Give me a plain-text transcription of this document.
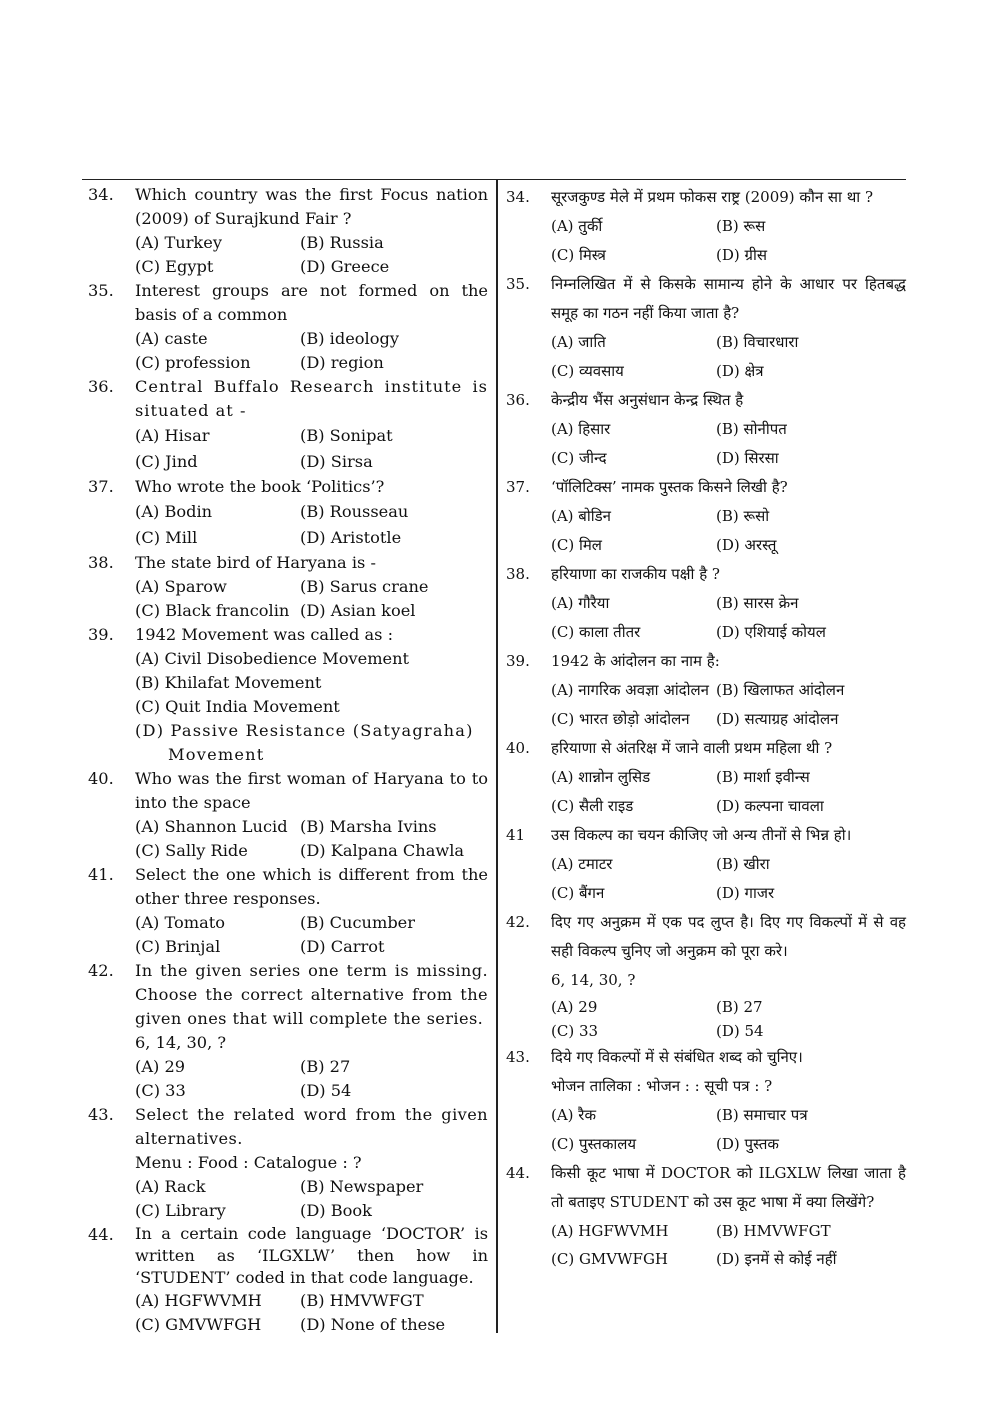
34. Which country was the first Focus nation (2009) of Surajkund Fair ?
(A) Turkey	(B) Russia
(C) Egypt	(D) Greece
35. Interest groups are not formed on the basis of a common
(A) caste	(B) ideology
(C) profession	(D) region
36. Central Buffalo Research institute is situated at -
(A) Hisar	(B) Sonipat
(C) Jind	(D) Sirsa
37. Who wrote the book ‘Politics’?
(A) Bodin	(B) Rousseau
(C) Mill	(D) Aristotle
38. The state bird of Haryana is -
(A) Sparow	(B) Sarus crane
(C) Black francolin (D) Asian koel
39. 1942 Movement was called as :
(A) Civil Disobedience Movement
(B) Khilafat Movement
(C) Quit India Movement
(D) Passive Resistance (Satyagraha) Movement
40. Who was the first woman of Haryana to to into the space
(A) Shannon Lucid (B) Marsha Ivins
(C) Sally Ride	(D) Kalpana Chawla
41. Select the one which is different from the other three responses.
(A) Tomato	(B) Cucumber
(C) Brinjal	(D) Carrot
42. In the given series one term is missing. Choose the correct alternative from the given ones that will complete the series.
6, 14, 30, ?
(A) 29	(B) 27
(C) 33	(D) 54
43. Select the related word from the given alternatives.
Menu : Food : Catalogue : ?
(A) Rack	(B) Newspaper
(C) Library	(D) Book
44. In a certain code language ‘DOCTOR’ is written as ‘ILGXLW’ then how in ‘STUDENT’ coded in that code language.
(A) HGFWVMH	(B) HMVWFGT
(C) GMVWFGH	(D) None of these
34. सूरजकुण्ड मेले में प्रथम फोकस राष्ट्र (2009) कौन सा था ?
(A) तुर्की	(B) रूस
(C) मिस्त्र	(D) ग्रीस
35. निम्नलिखित में से किसके सामान्य होने के आधार पर हितबद्ध समूह का गठन नहीं किया जाता है?
(A) जाति	(B) विचारधारा
(C) व्यवसाय	(D) क्षेत्र
36. केन्द्रीय भैंस अनुसंधान केन्द्र स्थित है
(A) हिसार	(B) सोनीपत
(C) जीन्द	(D) सिरसा
37. ‘पॉलिटिक्स’ नामक पुस्तक किसने लिखी है?
(A) बोडिन	(B) रूसो
(C) मिल	(D) अरस्तू
38. हरियाणा का राजकीय पक्षी है ?
(A) गौरैया	(B) सारस क्रेन
(C) काला तीतर	(D) एशियाई कोयल
39. 1942 के आंदोलन का नाम है:
(A) नागरिक अवज्ञा आंदोलन (B) खिलाफत आंदोलन
(C) भारत छोड़ो आंदोलन	(D) सत्याग्रह आंदोलन
40. हरियाणा से अंतरिक्ष में जाने वाली प्रथम महिला थी ?
(A) शान्नोन लुसिड	(B) मार्शा इवीन्स
(C) सैली राइड	(D) कल्पना चावला
41 उस विकल्प का चयन कीजिए जो अन्य तीनों से भिन्न हो।
(A) टमाटर	(B) खीरा
(C) बैंगन	(D) गाजर
42. दिए गए अनुक्रम में एक पद लुप्त है। दिए गए विकल्पों में से वह सही विकल्प चुनिए जो अनुक्रम को पूरा करे।
6, 14, 30, ?
(A) 29	(B) 27
(C) 33	(D) 54
43. दिये गए विकल्पों में से संबंधित शब्द को चुनिए।
भोजन तालिका : भोजन : : सूची पत्र : ?
(A) रैक	(B) समाचार पत्र
(C) पुस्तकालय	(D) पुस्तक
44. किसी कूट भाषा में DOCTOR को ILGXLW लिखा जाता है तो बताइए STUDENT को उस कूट भाषा में क्या लिखेंगे?
(A) HGFWVMH	(B) HMVWFGT
(C) GMVWFGH	(D) इनमें से कोई नहीं
